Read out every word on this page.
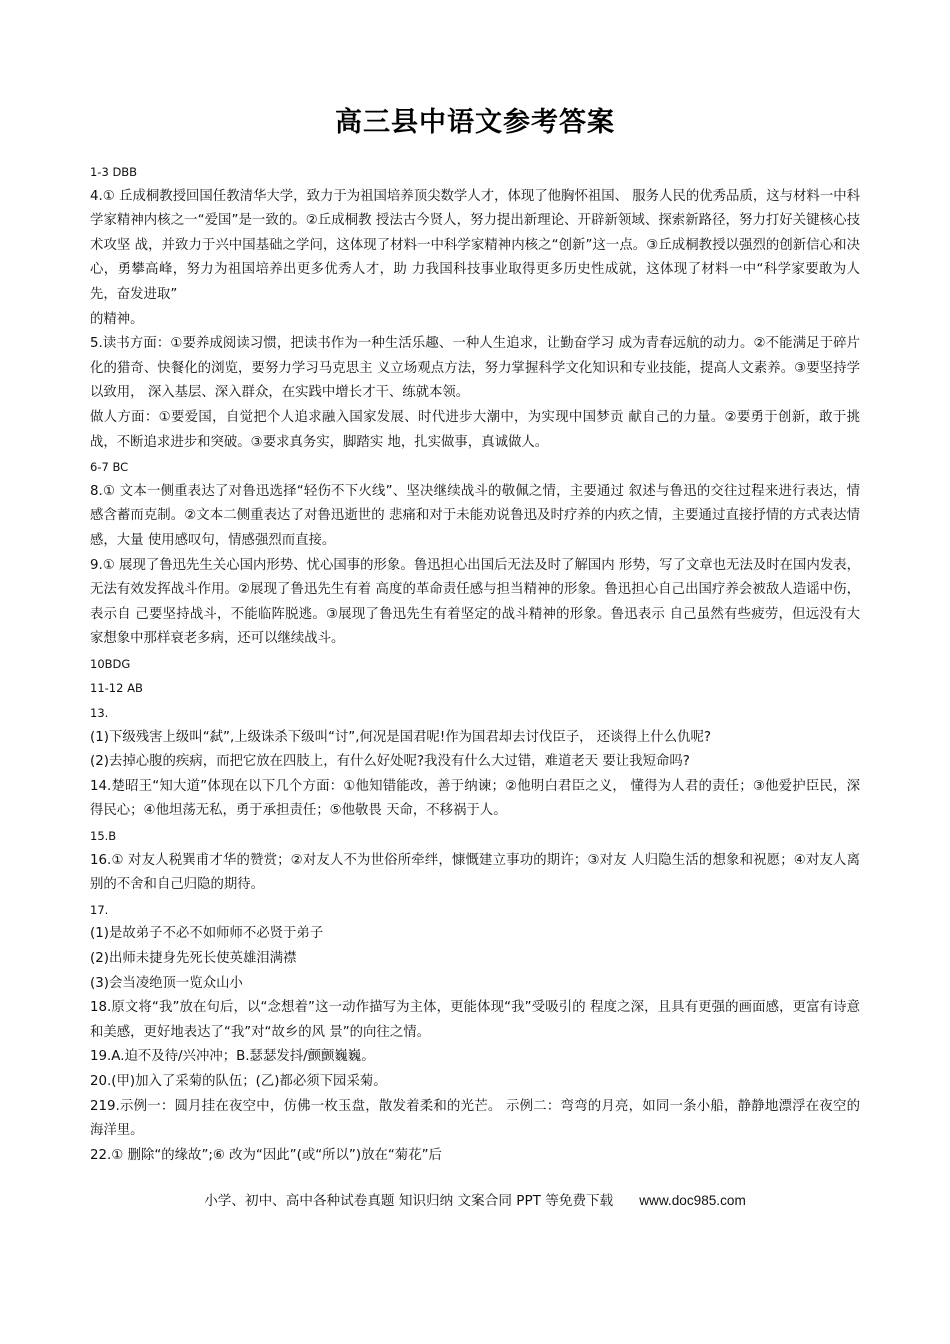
高三县中语文参考答案

1-3 DBB

4.① 丘成桐教授回国任教清华大学，致力于为祖国培养顶尖数学人才，体现了他胸怀祖国、 服务人民的优秀品质，这与材料一中科学家精神内核之一“爱国”是一致的。②丘成桐教 授法古今贤人，努力提出新理论、开辟新领域、探索新路径，努力打好关键核心技术攻坚 战，并致力于兴中国基础之学问，这体现了材料一中科学家精神内核之“创新”这一点。③丘成桐教授以强烈的创新信心和决心，勇攀高峰，努力为祖国培养出更多优秀人才，助 力我国科技事业取得更多历史性成就，这体现了材料一中“科学家要敢为人先，奋发进取”

的精神。

5.读书方面：①要养成阅读习惯，把读书作为一种生活乐趣、一种人生追求，让勤奋学习 成为青春远航的动力。②不能满足于碎片化的猎奇、快餐化的浏览，要努力学习马克思主 义立场观点方法，努力掌握科学文化知识和专业技能，提高人文素养。③要坚持学以致用， 深入基层、深入群众，在实践中增长才干、练就本领。

做人方面：①要爱国，自觉把个人追求融入国家发展、时代进步大潮中，为实现中国梦贡 献自己的力量。②要勇于创新，敢于挑战，不断追求进步和突破。③要求真务实，脚踏实 地，扎实做事，真诚做人。

6-7 BC

8.① 文本一侧重表达了对鲁迅选择“轻伤不下火线”、坚决继续战斗的敬佩之情，主要通过 叙述与鲁迅的交往过程来进行表达，情感含蓄而克制。②文本二侧重表达了对鲁迅逝世的 悲痛和对于未能劝说鲁迅及时疗养的内疚之情，主要通过直接抒情的方式表达情感，大量 使用感叹句，情感强烈而直接。

9.① 展现了鲁迅先生关心国内形势、忧心国事的形象。鲁迅担心出国后无法及时了解国内 形势，写了文章也无法及时在国内发表，无法有效发挥战斗作用。②展现了鲁迅先生有着 高度的革命责任感与担当精神的形象。鲁迅担心自己出国疗养会被敌人造谣中伤，表示自 己要坚持战斗，不能临阵脱逃。③展现了鲁迅先生有着坚定的战斗精神的形象。鲁迅表示 自己虽然有些疲劳，但远没有大家想象中那样衰老多病，还可以继续战斗。

10BDG

11-12 AB

13.

(1)下级残害上级叫“弑”,上级诛杀下级叫“讨”,何况是国君呢!作为国君却去讨伐臣子， 还谈得上什么仇呢?

(2)去掉心腹的疾病，而把它放在四肢上，有什么好处呢?我没有什么大过错，难道老天 要让我短命吗?

14.楚昭王“知大道”体现在以下几个方面：①他知错能改，善于纳谏；②他明白君臣之义， 懂得为人君的责任；③他爱护臣民，深得民心；④他坦荡无私，勇于承担责任；⑤他敬畏 天命，不移祸于人。

15.B

16.① 对友人税巽甫才华的赞赏；②对友人不为世俗所牵绊，慷慨建立事功的期许；③对友 人归隐生活的想象和祝愿；④对友人离别的不舍和自己归隐的期待。

17.

(1)是故弟子不必不如师师不必贤于弟子

(2)出师未捷身先死长使英雄泪满襟

(3)会当凌绝顶一览众山小

18.原文将“我”放在句后，以“念想着”这一动作描写为主体，更能体现“我”受吸引的 程度之深，且具有更强的画面感，更富有诗意和美感，更好地表达了“我”对“故乡的风 景”的向往之情。

19.A.迫不及待/兴冲冲；B.瑟瑟发抖/颤颤巍巍。

20.(甲)加入了采菊的队伍；(乙)都必须下园采菊。

219.示例一：圆月挂在夜空中，仿佛一枚玉盘，散发着柔和的光芒。 示例二：弯弯的月亮，如同一条小船，静静地漂浮在夜空的海洋里。

22.① 删除“的缘故”;⑥ 改为“因此”(或“所以”)放在“菊花”后

小学、初中、高中各种试卷真题 知识归纳 文案合同 PPT 等免费下载 www.doc985.com
